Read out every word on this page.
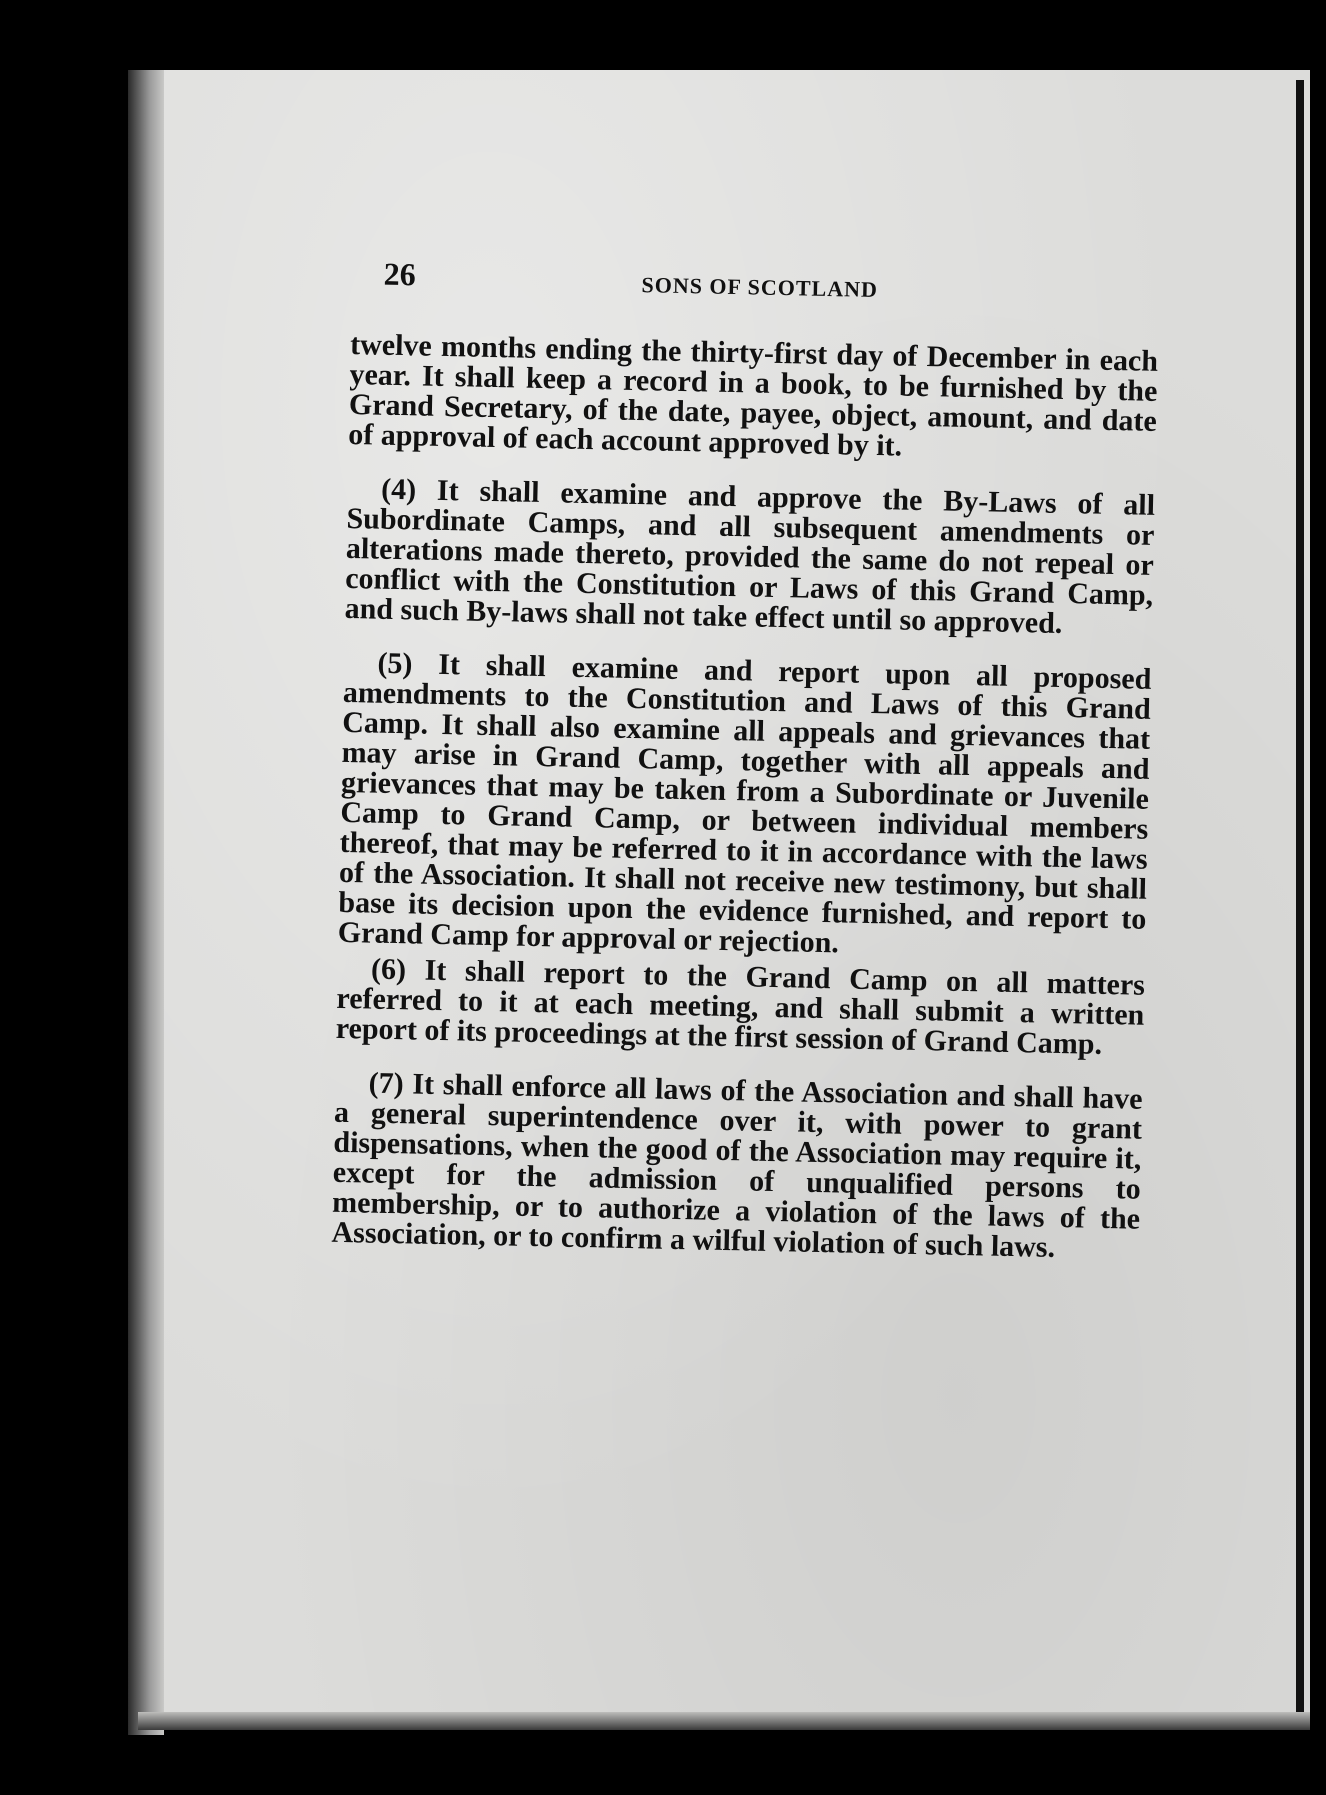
26	SONS OF SCOTLAND

twelve months ending the thirty-first day of December in each year. It shall keep a record in a book, to be furnished by the Grand Secretary, of the date, payee, object, amount, and date of approval of each account approved by it.

(4) It shall examine and approve the By-Laws of all Subordinate Camps, and all subsequent amendments or alterations made thereto, provided the same do not repeal or conflict with the Constitution or Laws of this Grand Camp, and such By-laws shall not take effect until so approved.

(5) It shall examine and report upon all proposed amendments to the Constitution and Laws of this Grand Camp. It shall also examine all appeals and grievances that may arise in Grand Camp, together with all appeals and grievances that may be taken from a Subordinate or Juvenile Camp to Grand Camp, or between individual members thereof, that may be referred to it in accordance with the laws of the Association. It shall not receive new testimony, but shall base its decision upon the evidence furnished, and report to Grand Camp for approval or rejection.

(6) It shall report to the Grand Camp on all matters referred to it at each meeting, and shall submit a written report of its proceedings at the first session of Grand Camp.

(7) It shall enforce all laws of the Association and shall have a general superintendence over it, with power to grant dispensations, when the good of the Association may require it, except for the admission of unqualified persons to membership, or to authorize a violation of the laws of the Association, or to confirm a wilful violation of such laws.
